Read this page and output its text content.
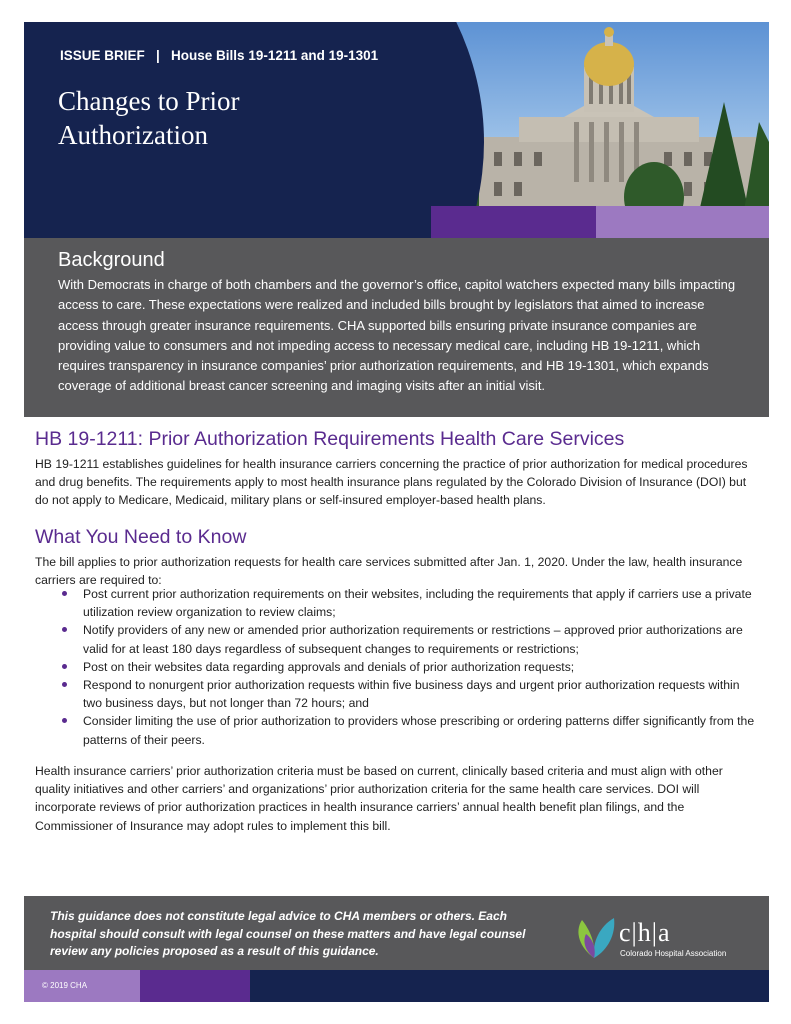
ISSUE BRIEF   |   House Bills 19-1211 and 19-1301
Changes to Prior Authorization
Background
With Democrats in charge of both chambers and the governor’s office, capitol watchers expected many bills impacting access to care. These expectations were realized and included bills brought by legislators that aimed to increase access through greater insurance requirements. CHA supported bills ensuring private insurance companies are providing value to consumers and not impeding access to necessary medical care, including HB 19-1211, which requires transparency in insurance companies’ prior authorization requirements, and HB 19-1301, which expands coverage of additional breast cancer screening and imaging visits after an initial visit.
HB 19-1211: Prior Authorization Requirements Health Care Services
HB 19-1211 establishes guidelines for health insurance carriers concerning the practice of prior authorization for medical procedures and drug benefits. The requirements apply to most health insurance plans regulated by the Colorado Division of Insurance (DOI) but do not apply to Medicare, Medicaid, military plans or self-insured employer-based health plans.
What You Need to Know
The bill applies to prior authorization requests for health care services submitted after Jan. 1, 2020. Under the law, health insurance carriers are required to:
Post current prior authorization requirements on their websites, including the requirements that apply if carriers use a private utilization review organization to review claims;
Notify providers of any new or amended prior authorization requirements or restrictions – approved prior authorizations are valid for at least 180 days regardless of subsequent changes to requirements or restrictions;
Post on their websites data regarding approvals and denials of prior authorization requests;
Respond to nonurgent prior authorization requests within five business days and urgent prior authorization requests within two business days, but not longer than 72 hours; and
Consider limiting the use of prior authorization to providers whose prescribing or ordering patterns differ significantly from the patterns of their peers.
Health insurance carriers’ prior authorization criteria must be based on current, clinically based criteria and must align with other quality initiatives and other carriers’ and organizations’ prior authorization criteria for the same health care services. DOI will incorporate reviews of prior authorization practices in health insurance carriers’ annual health benefit plan filings, and the Commissioner of Insurance may adopt rules to implement this bill.
This guidance does not constitute legal advice to CHA members or others. Each hospital should consult with legal counsel on these matters and have legal counsel review any policies proposed as a result of this guidance.
c|h|a
Colorado Hospital Association
© 2019 CHA
